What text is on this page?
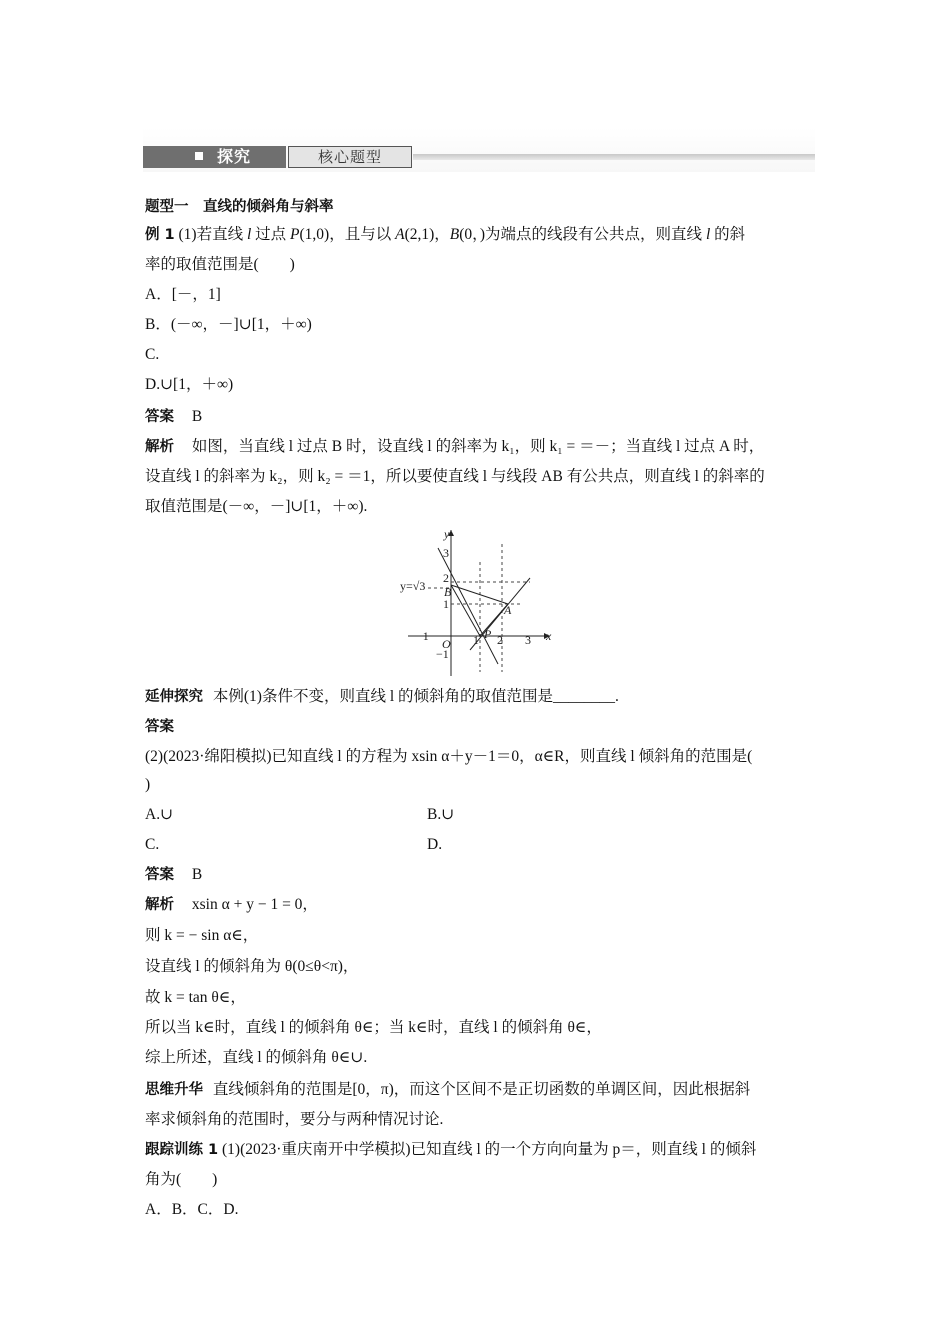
探究	核心题型
题型一　直线的倾斜角与斜率
例 1 (1)若直线 l 过点 P(1,0)，且与以 A(2,1)，B(0，)为端点的线段有公共点，则直线 l 的斜
率的取值范围是(　　)
A．[－，1]
B．(－∞，－]∪[1，＋∞)
C.
D.∪[1，＋∞)
答案 B
解析 如图，当直线 l 过点 B 时，设直线 l 的斜率为 k₁，则 k₁ = ＝－；当直线 l 过点 A 时，
设直线 l 的斜率为 k₂，则 k₂ = ＝1，所以要使直线 l 与线段 AB 有公共点，则直线 l 的斜率的
取值范围是(－∞，－]∪[1，＋∞).
y
x
O
3
2
1
−1
−1	1 2 3
y=√3
A
B
P
延伸探究 本例(1)条件不变，则直线 l 的倾斜角的取值范围是________.
答案
(2)(2023·绵阳模拟)已知直线 l 的方程为 xsin α＋y－1＝0，α∈R，则直线 l 倾斜角的范围是(
)
A.∪	B.∪
C.	D.
答案 B
解析 xsin α + y − 1 = 0，
则 k = − sin α∈，
设直线 l 的倾斜角为 θ(0≤θ<π)，
故 k = tan θ∈，
所以当 k∈时，直线 l 的倾斜角 θ∈；当 k∈时，直线 l 的倾斜角 θ∈，
综上所述，直线 l 的倾斜角 θ∈∪.
思维升华 直线倾斜角的范围是[0，π)，而这个区间不是正切函数的单调区间，因此根据斜
率求倾斜角的范围时，要分与两种情况讨论.
跟踪训练 1 (1)(2023·重庆南开中学模拟)已知直线 l 的一个方向向量为 p＝，则直线 l 的倾斜
角为(　　)
A．B．C．D.
